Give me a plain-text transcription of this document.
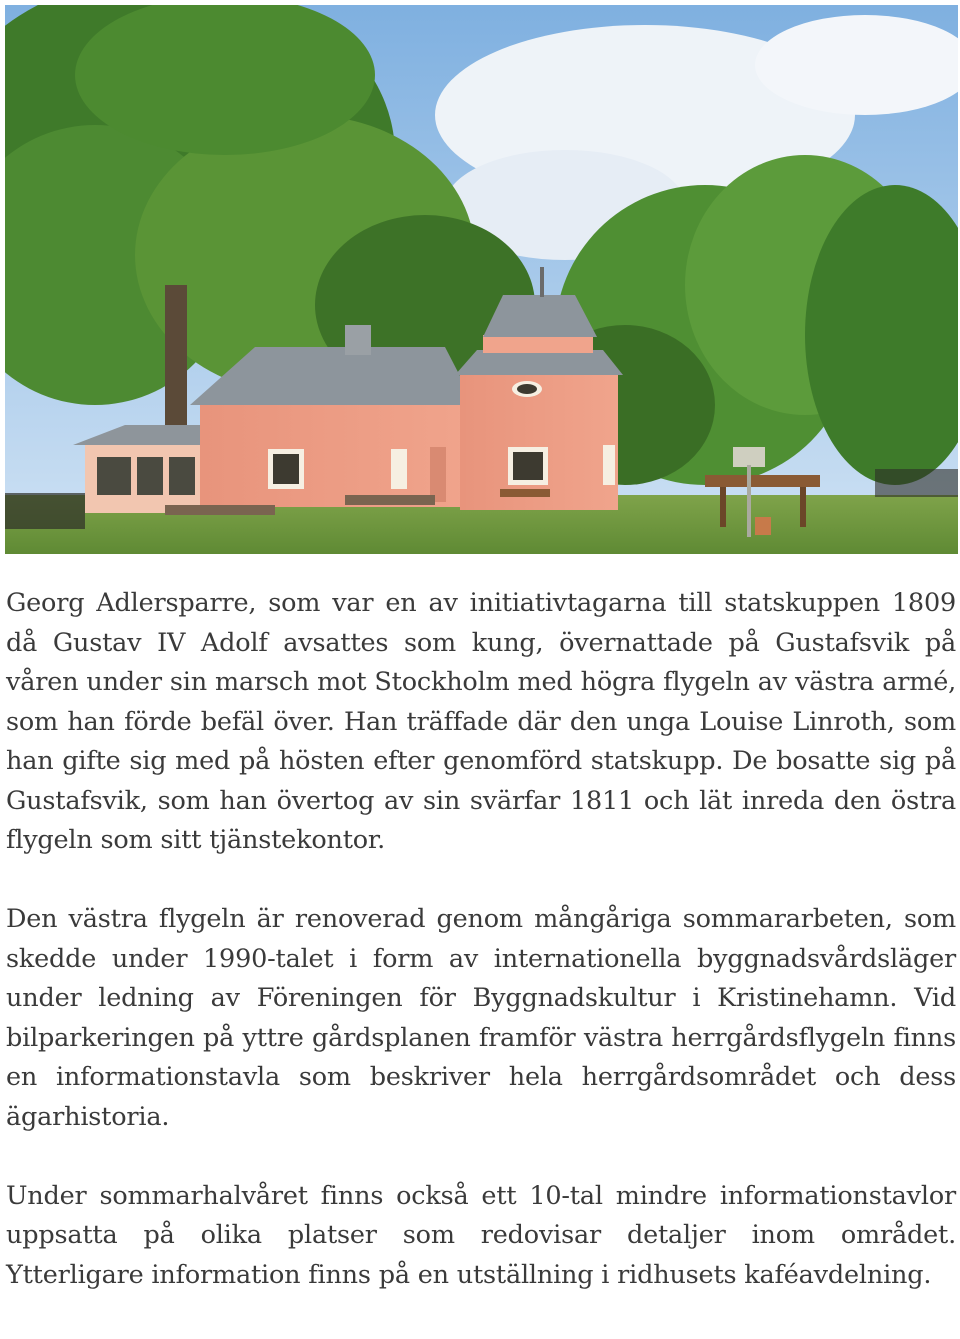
Georg Adlersparre, som var en av initiativtagarna till statskuppen 1809 då Gustav IV Adolf avsattes som kung, övernattade på Gustafsvik på våren under sin marsch mot Stockholm med högra flygeln av västra armé, som han förde befäl över. Han träffade där den unga Louise Linroth, som han gifte sig med på hösten efter genomförd statskupp. De bosatte sig på Gustafsvik, som han övertog av sin svärfar 1811 och lät inreda den östra flygeln som sitt tjänstekontor.

Den västra flygeln är renoverad genom mångåriga sommararbeten, som skedde under 1990-talet i form av internationella byggnadsvårdsläger under ledning av Föreningen för Byggnadskultur i Kristinehamn. Vid bilparkeringen på yttre gårdsplanen framför västra herrgårdsflygeln finns en informationstavla som beskriver hela herrgårdsområdet och dess ägarhistoria.

Under sommarhalvåret finns också ett 10-tal mindre informationstavlor uppsatta på olika platser som redovisar detaljer inom området. Ytterligare information finns på en utställning i ridhusets kaféavdelning.
